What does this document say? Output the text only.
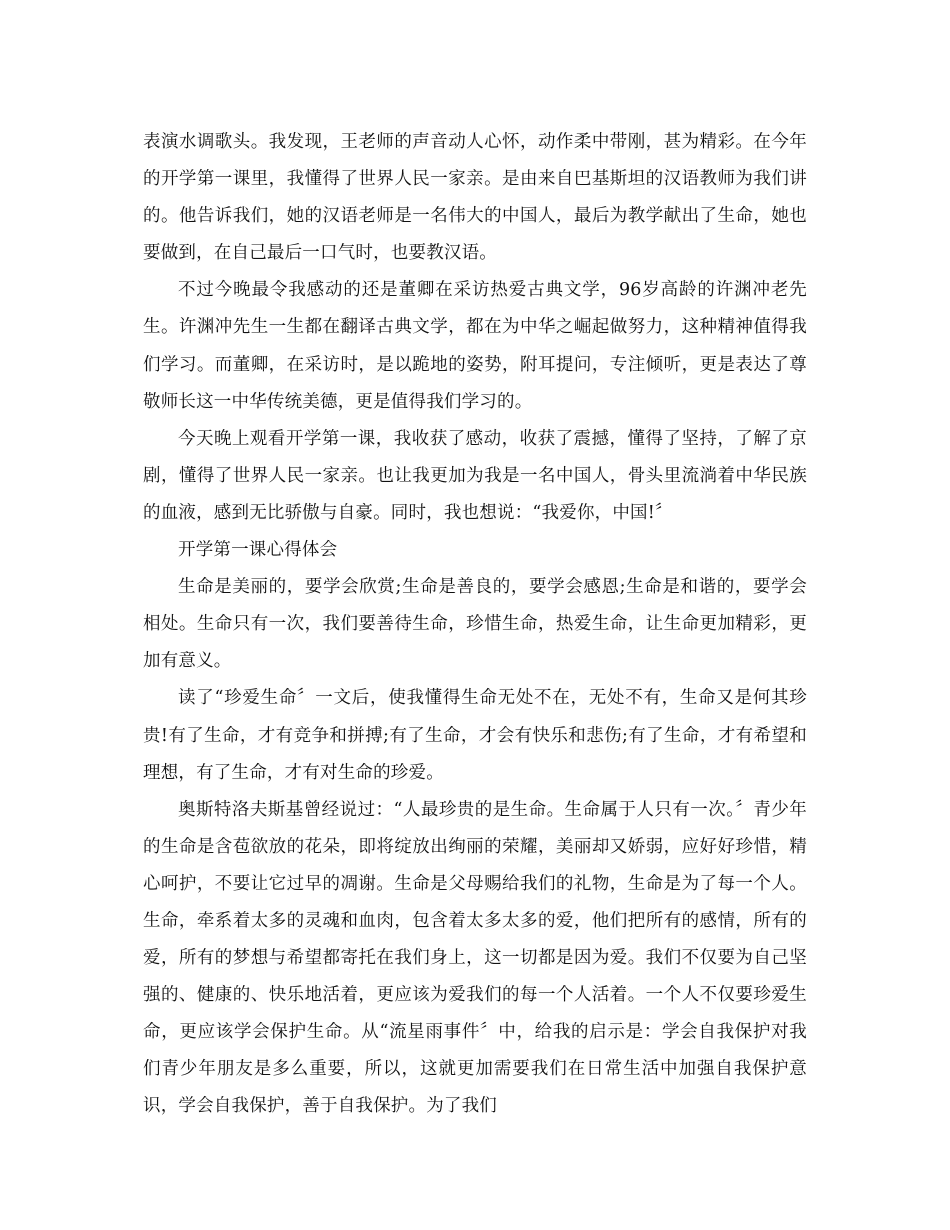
表演水调歌头。我发现，王老师的声音动人心怀，动作柔中带刚，甚为精彩。在今年的开学第一课里，我懂得了世界人民一家亲。是由来自巴基斯坦的汉语教师为我们讲的。他告诉我们，她的汉语老师是一名伟大的中国人，最后为教学献出了生命，她也要做到，在自己最后一口气时，也要教汉语。

不过今晚最令我感动的还是董卿在采访热爱古典文学，96岁高龄的许渊冲老先生。许渊冲先生一生都在翻译古典文学，都在为中华之崛起做努力，这种精神值得我们学习。而董卿，在采访时，是以跪地的姿势，附耳提问，专注倾听，更是表达了尊敬师长这一中华传统美德，更是值得我们学习的。

今天晚上观看开学第一课，我收获了感动，收获了震撼，懂得了坚持，了解了京剧，懂得了世界人民一家亲。也让我更加为我是一名中国人，骨头里流淌着中华民族的血液，感到无比骄傲与自豪。同时，我也想说：“我爱你，中国!〞

开学第一课心得体会

生命是美丽的，要学会欣赏;生命是善良的，要学会感恩;生命是和谐的，要学会相处。生命只有一次，我们要善待生命，珍惜生命，热爱生命，让生命更加精彩，更加有意义。

读了“珍爱生命〞一文后，使我懂得生命无处不在，无处不有，生命又是何其珍贵!有了生命，才有竞争和拼搏;有了生命，才会有快乐和悲伤;有了生命，才有希望和理想，有了生命，才有对生命的珍爱。

奥斯特洛夫斯基曾经说过：“人最珍贵的是生命。生命属于人只有一次。〞青少年的生命是含苞欲放的花朵，即将绽放出绚丽的荣耀，美丽却又娇弱，应好好珍惜，精心呵护，不要让它过早的凋谢。生命是父母赐给我们的礼物，生命是为了每一个人。生命，牵系着太多的灵魂和血肉，包含着太多太多的爱，他们把所有的感情，所有的爱，所有的梦想与希望都寄托在我们身上，这一切都是因为爱。我们不仅要为自己坚强的、健康的、快乐地活着，更应该为爱我们的每一个人活着。一个人不仅要珍爱生命，更应该学会保护生命。从“流星雨事件〞中，给我的启示是：学会自我保护对我们青少年朋友是多么重要，所以，这就更加需要我们在日常生活中加强自我保护意识，学会自我保护，善于自我保护。为了我们
